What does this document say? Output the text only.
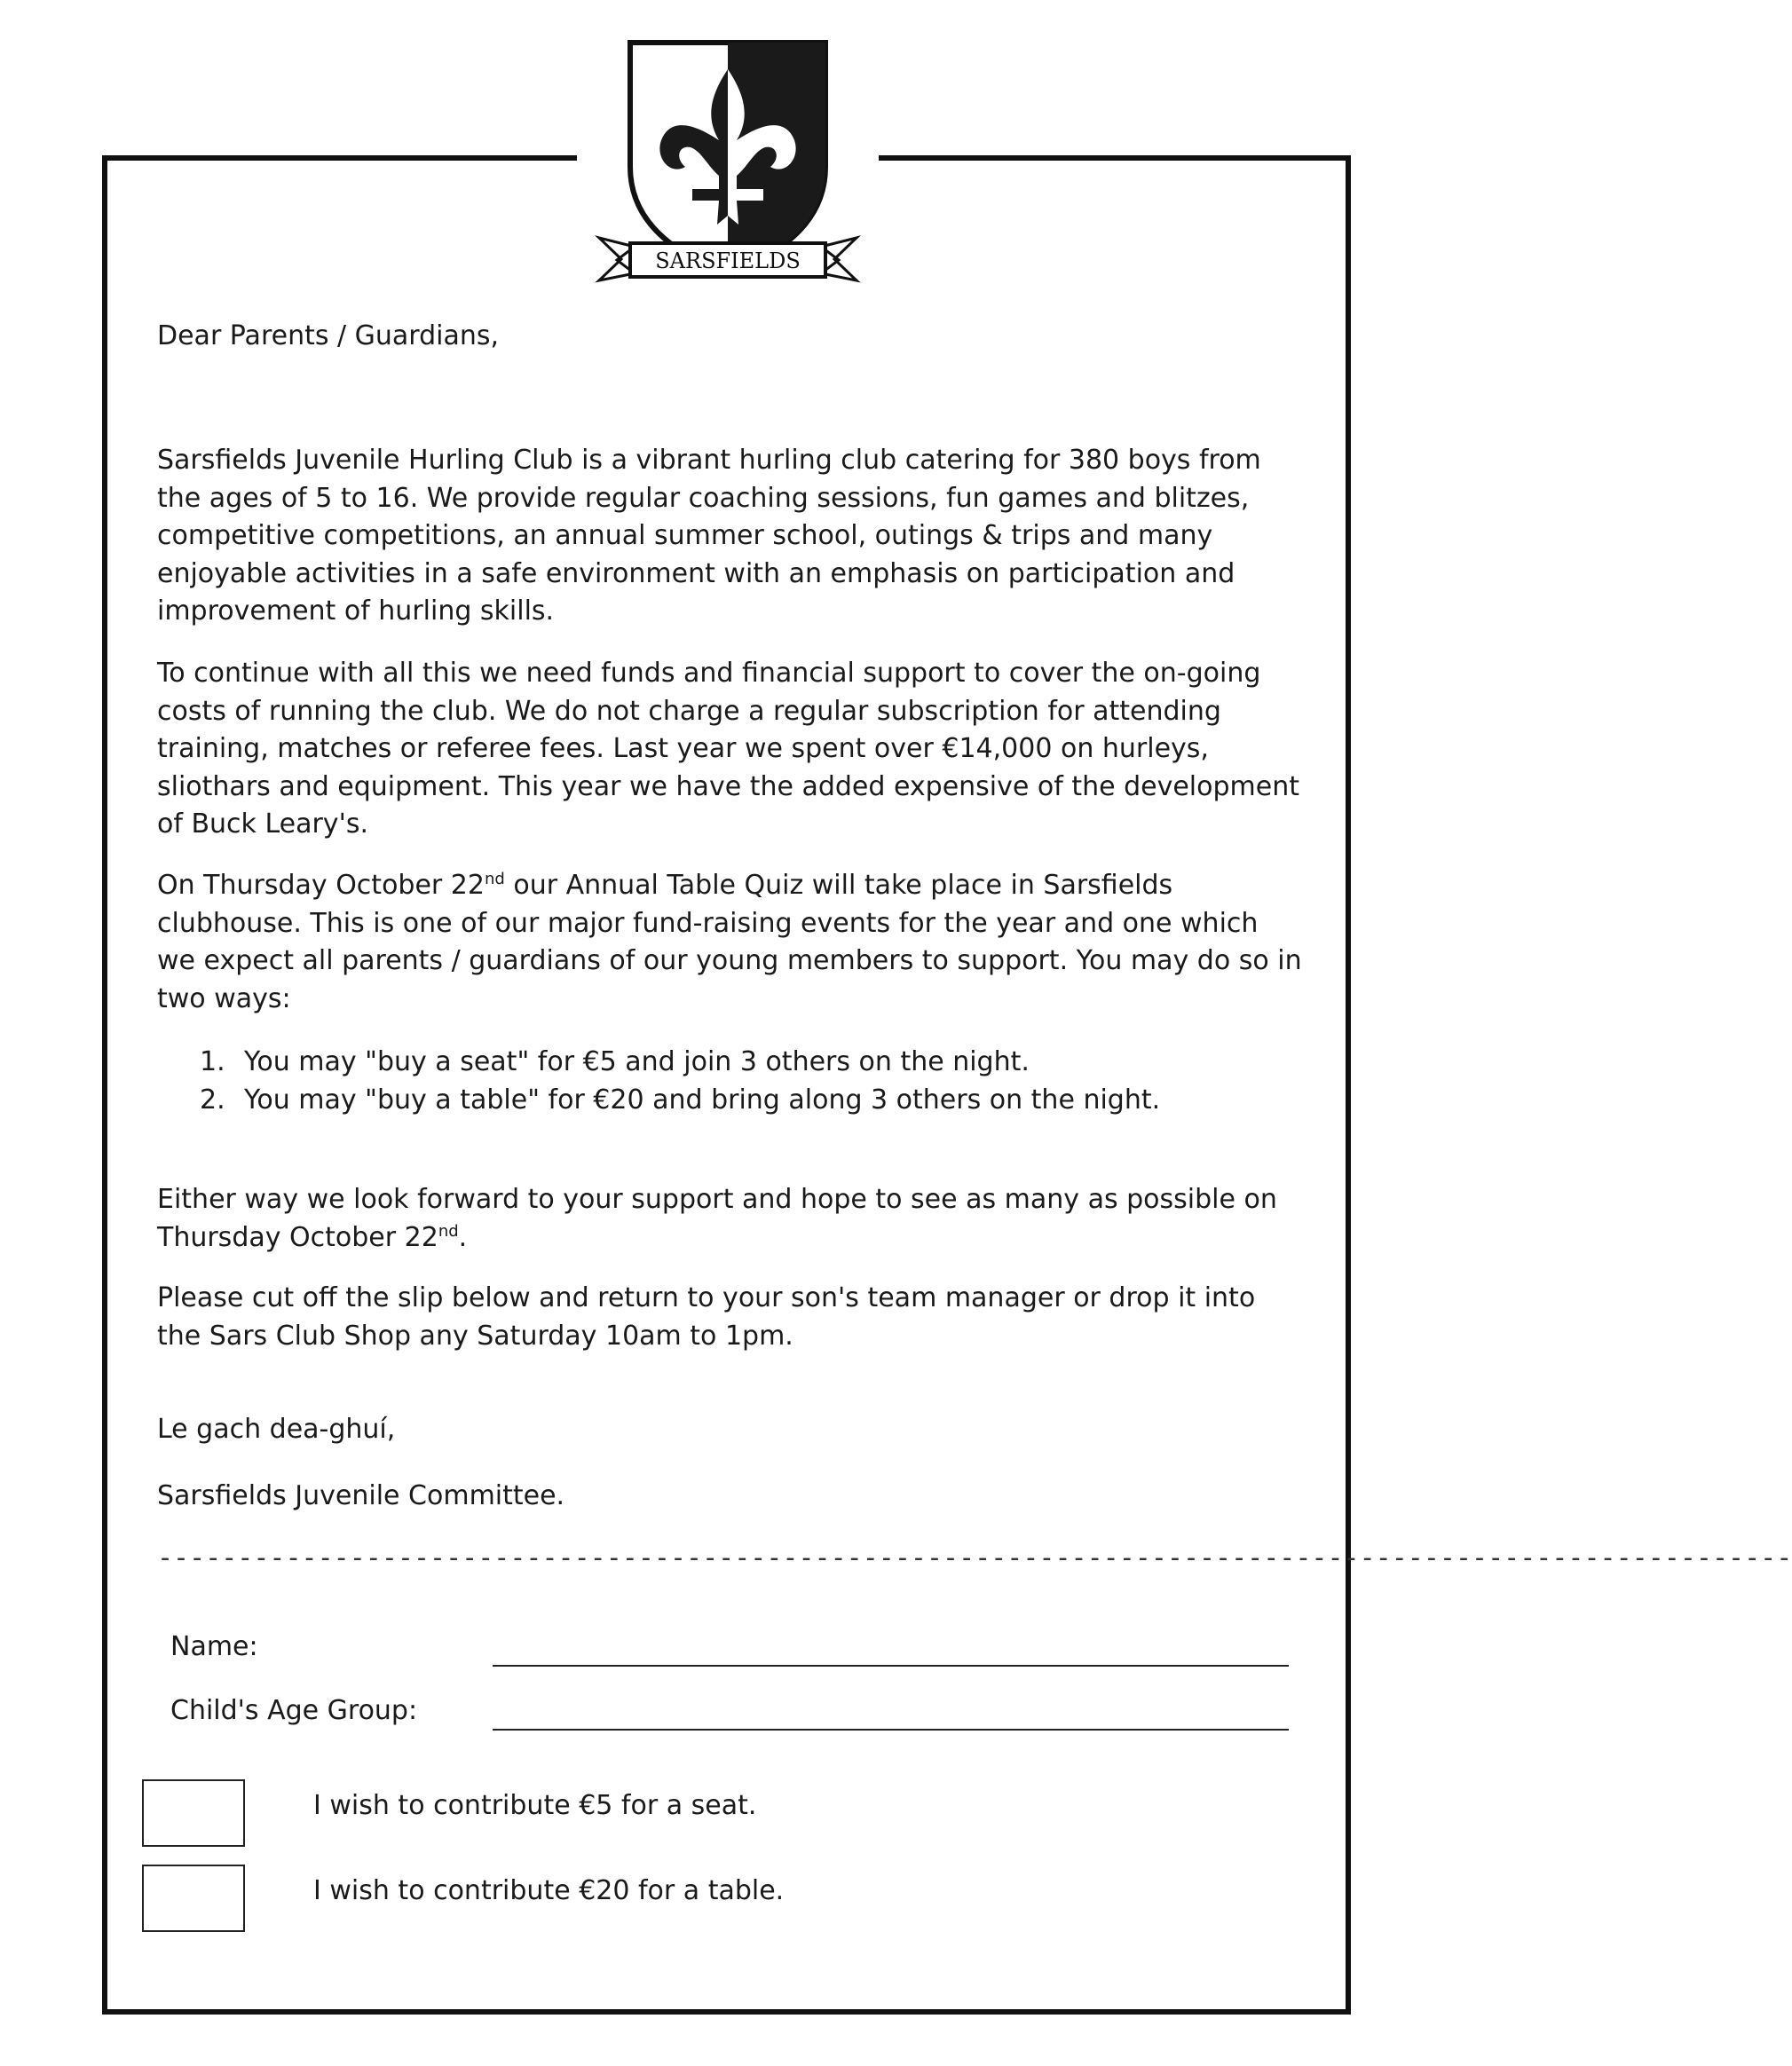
SARSFIELDS

Dear Parents / Guardians,

Sarsfields Juvenile Hurling Club is a vibrant hurling club catering for 380 boys from the ages of 5 to 16. We provide regular coaching sessions, fun games and blitzes, competitive competitions, an annual summer school, outings & trips and many enjoyable activities in a safe environment with an emphasis on participation and improvement of hurling skills.

To continue with all this we need funds and financial support to cover the on-going costs of running the club. We do not charge a regular subscription for attending training, matches or referee fees. Last year we spent over €14,000 on hurleys, sliothars and equipment. This year we have the added expensive of the development of Buck Leary's.

On Thursday October 22nd our Annual Table Quiz will take place in Sarsfields clubhouse. This is one of our major fund-raising events for the year and one which we expect all parents / guardians of our young members to support. You may do so in two ways:

1. You may "buy a seat" for €5 and join 3 others on the night.
2. You may "buy a table" for €20 and bring along 3 others on the night.

Either way we look forward to your support and hope to see as many as possible on Thursday October 22nd.

Please cut off the slip below and return to your son's team manager or drop it into the Sars Club Shop any Saturday 10am to 1pm.

Le gach dea-ghuí,

Sarsfields Juvenile Committee.

------------------------------------------------------------------------------------------------------
Name:
Child's Age Group:
I wish to contribute €5 for a seat.
I wish to contribute €20 for a table.
